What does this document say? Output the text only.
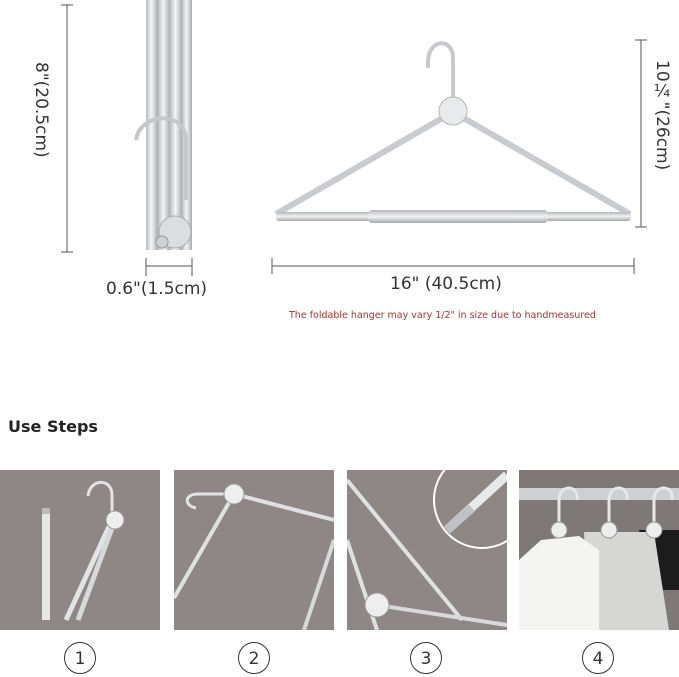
8"(20.5cm)
0.6"(1.5cm)	16" (40.5cm)
10¼"(26cm)
The foldable hanger may vary 1/2" in size due to handmeasured
Use Steps
1	2	3	4
